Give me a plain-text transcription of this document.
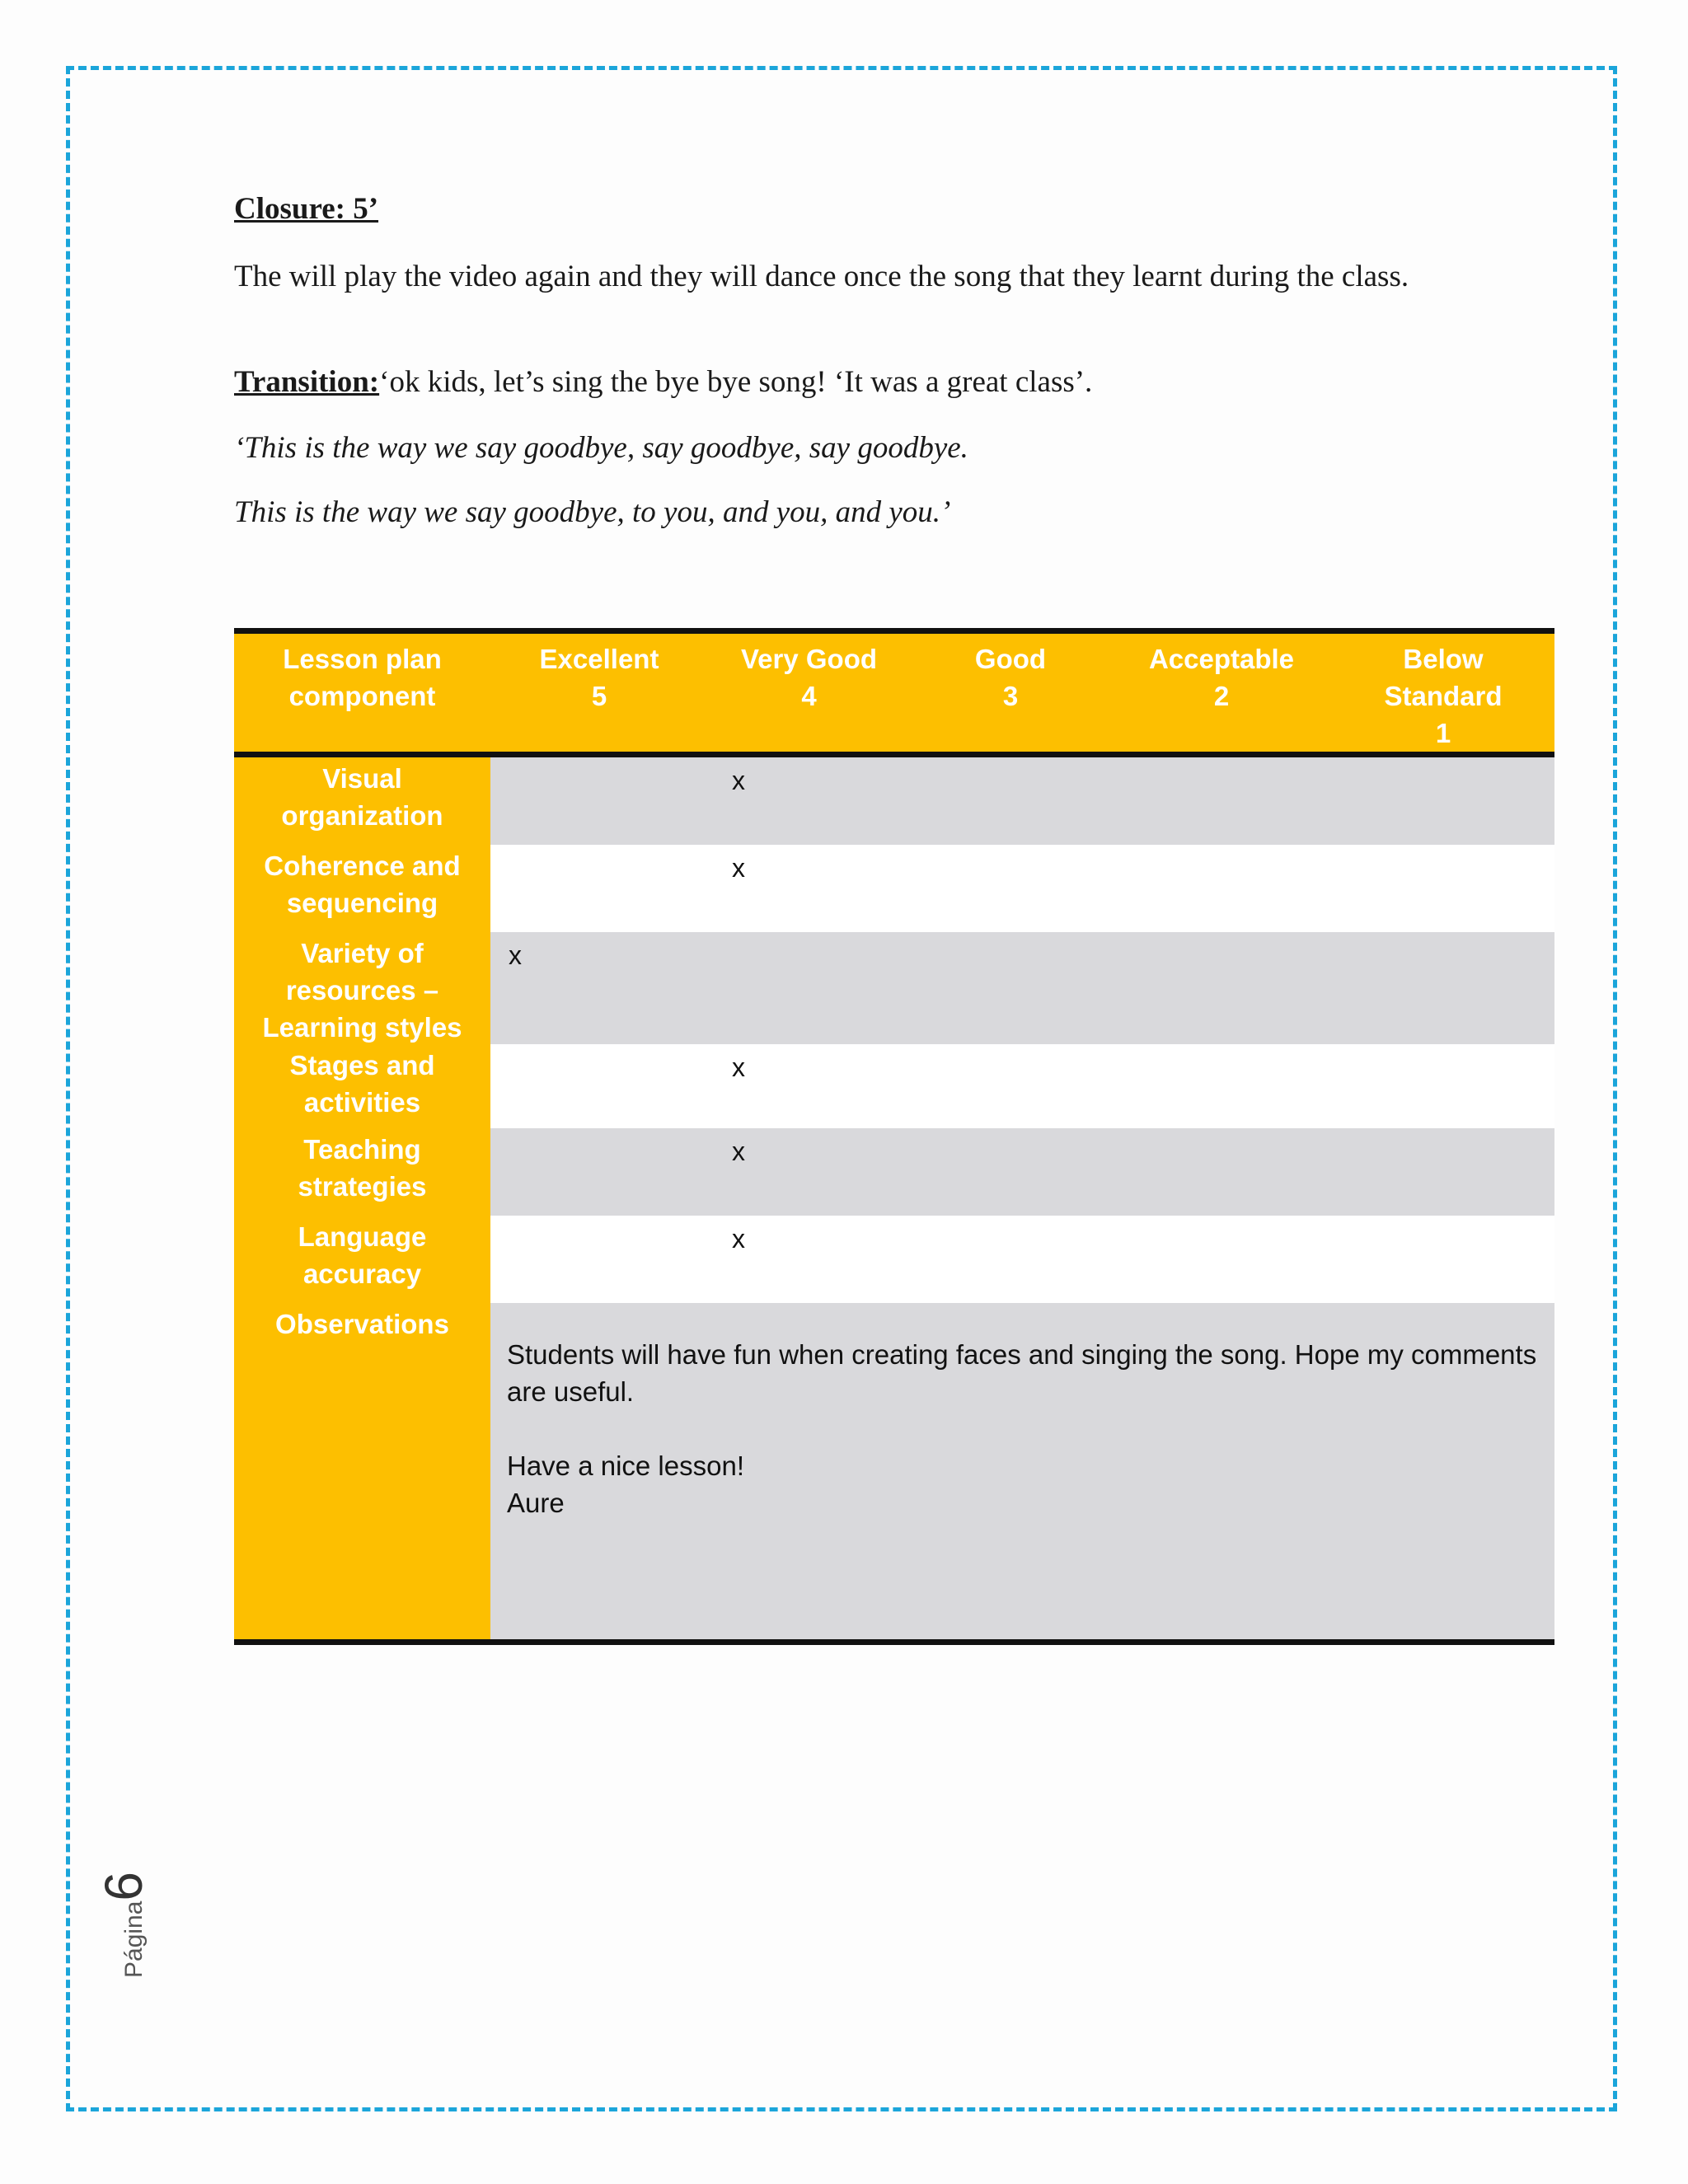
Closure: 5’

The will play the video again and they will dance once the song that they learnt during the class.

Transition:‘ok kids, let’s sing the bye bye song! ‘It was a great class’.

‘This is the way we say goodbye, say goodbye, say goodbye.

This is the way we say goodbye, to you, and you, and you.’

Lesson plan
component
Excellent
5
Very Good
4
Good
3
Acceptable
2
Below
Standard
1
Visual
organization
Coherence and
sequencing
Variety of
resources –
Learning styles
Stages and
activities
Teaching
strategies
Language
accuracy
Observations
x
x
x
x
x
x

Students will have fun when creating faces and singing the song. Hope my comments are useful.

Have a nice lesson!

Aure

Página6
